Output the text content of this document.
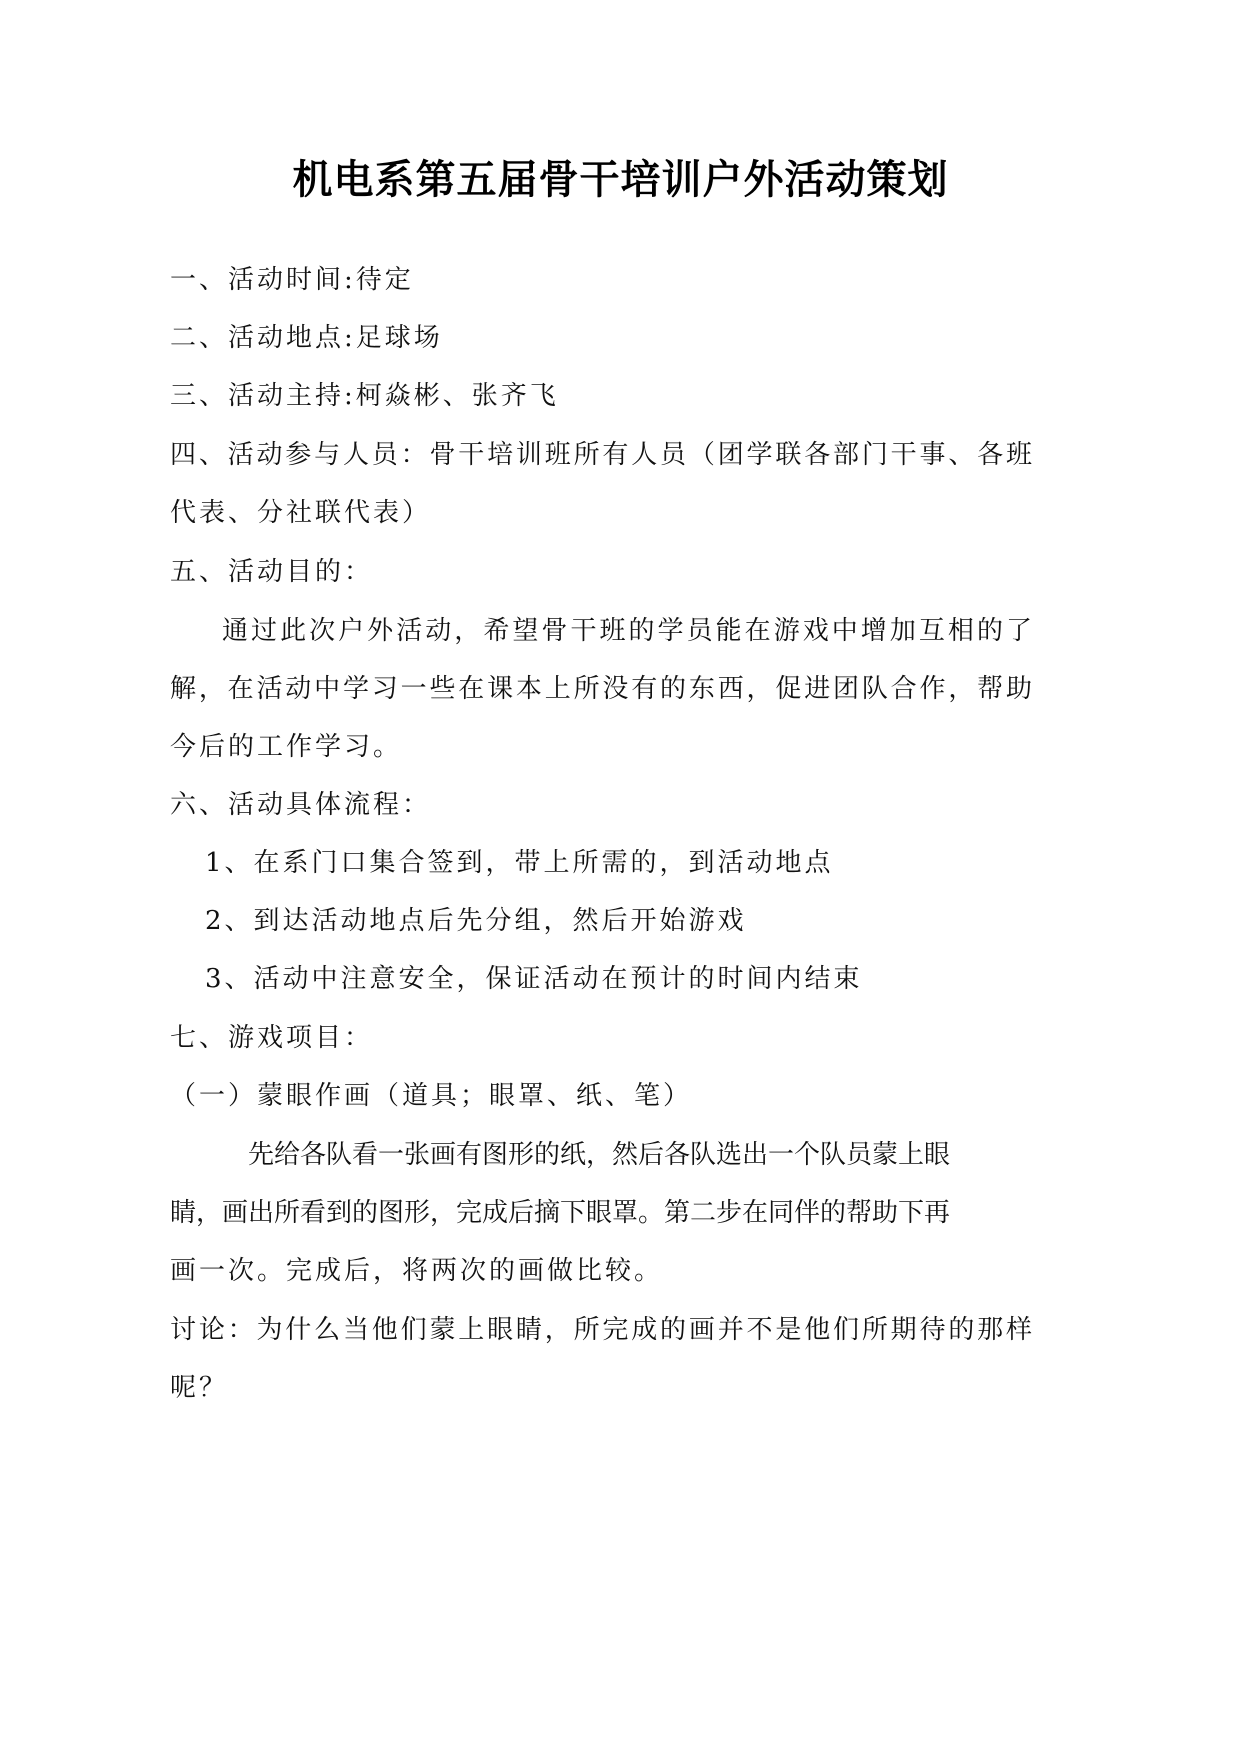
机电系第五届骨干培训户外活动策划
一、活动时间:待定
二、活动地点:足球场
三、活动主持:柯焱彬、张齐飞
四、活动参与人员：骨干培训班所有人员（团学联各部门干事、各班
代表、分社联代表）
五、活动目的：
通过此次户外活动，希望骨干班的学员能在游戏中增加互相的了
解，在活动中学习一些在课本上所没有的东西，促进团队合作，帮助
今后的工作学习。
六、活动具体流程：
1、在系门口集合签到，带上所需的，到活动地点
2、到达活动地点后先分组，然后开始游戏
3、活动中注意安全，保证活动在预计的时间内结束
七、游戏项目：
（一）蒙眼作画（道具；眼罩、纸、笔）
先给各队看一张画有图形的纸，然后各队选出一个队员蒙上眼
睛，画出所看到的图形，完成后摘下眼罩。第二步在同伴的帮助下再
画一次。完成后，将两次的画做比较。
讨论：为什么当他们蒙上眼睛，所完成的画并不是他们所期待的那样
呢？
